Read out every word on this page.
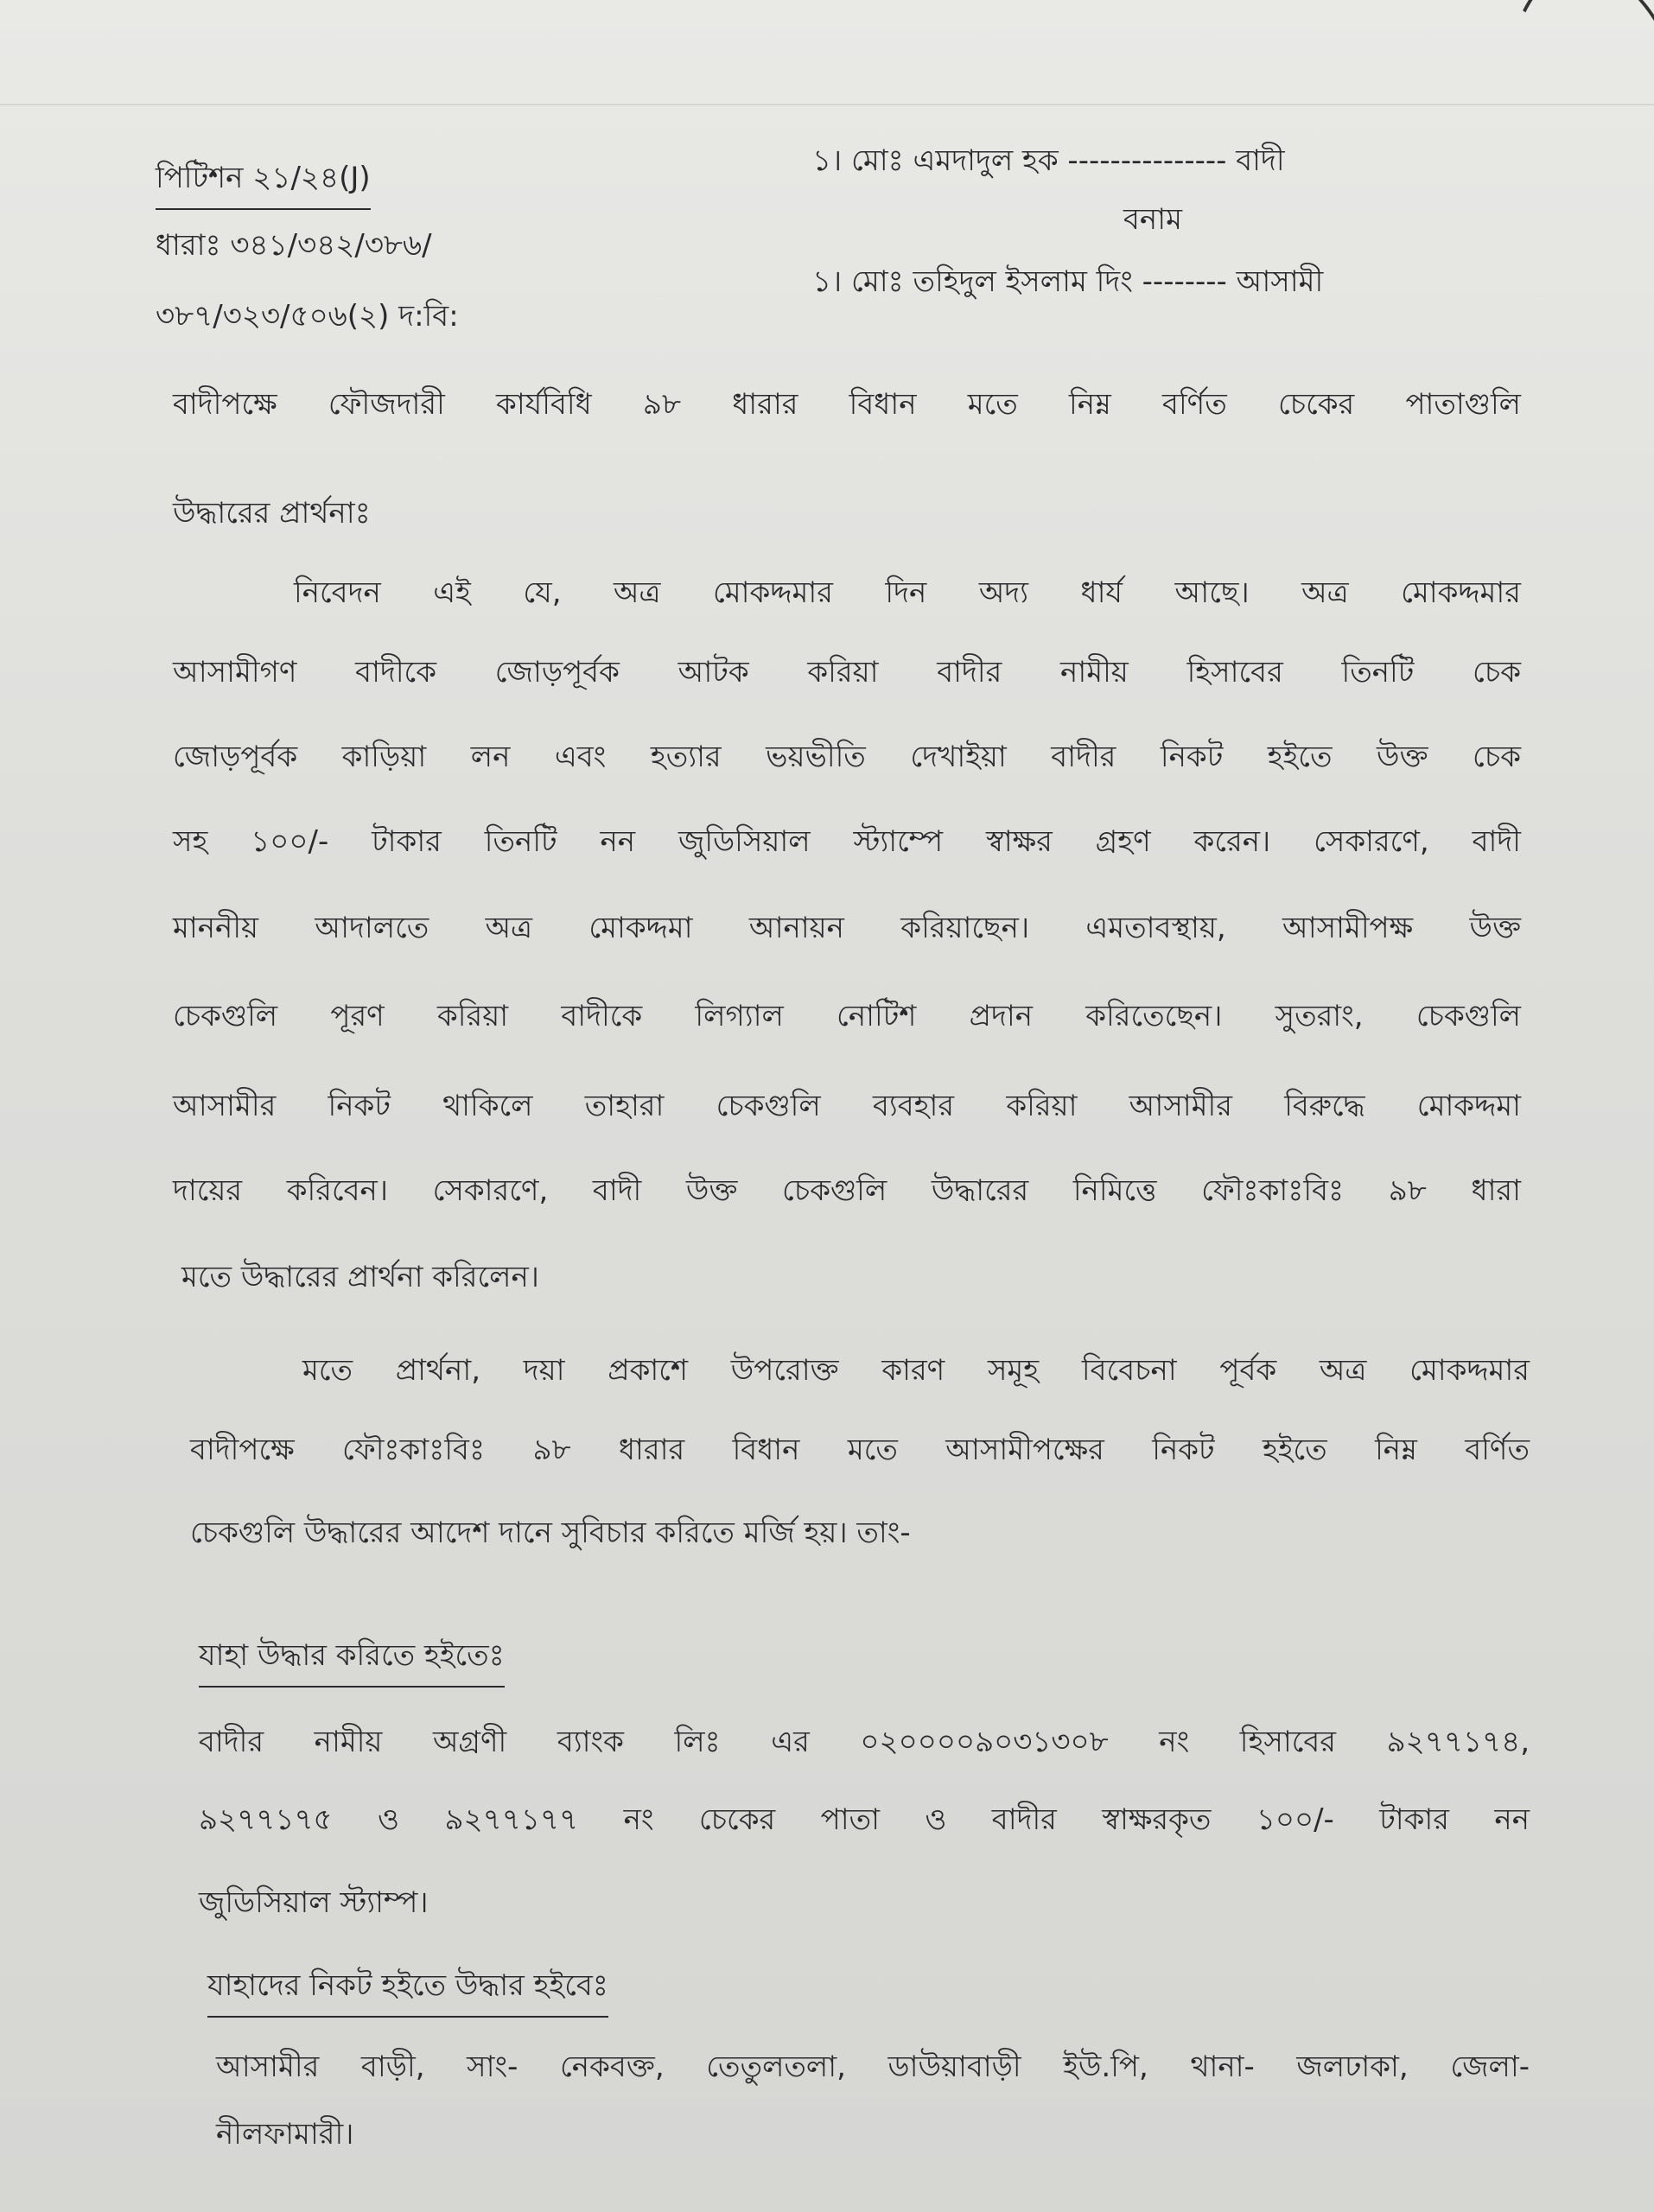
পিটিশন ২১/২৪(J)
ধারাঃ ৩৪১/৩৪২/৩৮৬/
৩৮৭/৩২৩/৫০৬(২) দ:বি:
১। মোঃ এমদাদুল হক --------------- বাদী
বনাম
১। মোঃ তহিদুল ইসলাম দিং -------- আসামী
বাদীপক্ষে ফৌজদারী কার্যবিধি ৯৮ ধারার বিধান মতে নিম্ন বর্ণিত চেকের পাতাগুলি
উদ্ধারের প্রার্থনাঃ
নিবেদন এই যে, অত্র মোকদ্দমার দিন অদ্য ধার্য আছে। অত্র মোকদ্দমার
আসামীগণ বাদীকে জোড়পূর্বক আটক করিয়া বাদীর নামীয় হিসাবের তিনটি চেক
জোড়পূর্বক কাড়িয়া লন এবং হত্যার ভয়ভীতি দেখাইয়া বাদীর নিকট হইতে উক্ত চেক
সহ ১০০/- টাকার তিনটি নন জুডিসিয়াল স্ট্যাম্পে স্বাক্ষর গ্রহণ করেন। সেকারণে, বাদী
মাননীয় আদালতে অত্র মোকদ্দমা আনায়ন করিয়াছেন। এমতাবস্থায়, আসামীপক্ষ উক্ত
চেকগুলি পূরণ করিয়া বাদীকে লিগ্যাল নোটিশ প্রদান করিতেছেন। সুতরাং, চেকগুলি
আসামীর নিকট থাকিলে তাহারা চেকগুলি ব্যবহার করিয়া আসামীর বিরুদ্ধে মোকদ্দমা
দায়ের করিবেন। সেকারণে, বাদী উক্ত চেকগুলি উদ্ধারের নিমিত্তে ফৌঃকাঃবিঃ ৯৮ ধারা
মতে উদ্ধারের প্রার্থনা করিলেন।
মতে প্রার্থনা, দয়া প্রকাশে উপরোক্ত কারণ সমূহ বিবেচনা পূর্বক অত্র মোকদ্দমার
বাদীপক্ষে ফৌঃকাঃবিঃ ৯৮ ধারার বিধান মতে আসামীপক্ষের নিকট হইতে নিম্ন বর্ণিত
চেকগুলি উদ্ধারের আদেশ দানে সুবিচার করিতে মর্জি হয়। তাং-
যাহা উদ্ধার করিতে হইতেঃ
বাদীর নামীয় অগ্রণী ব্যাংক লিঃ এর ০২০০০০৯০৩১৩০৮ নং হিসাবের ৯২৭৭১৭৪,
৯২৭৭১৭৫ ও ৯২৭৭১৭৭ নং চেকের পাতা ও বাদীর স্বাক্ষরকৃত ১০০/- টাকার নন
জুডিসিয়াল স্ট্যাম্প।
যাহাদের নিকট হইতে উদ্ধার হইবেঃ
আসামীর বাড়ী, সাং- নেকবক্ত, তেতুলতলা, ডাউয়াবাড়ী ইউ.পি, থানা- জলঢাকা, জেলা-
নীলফামারী।
